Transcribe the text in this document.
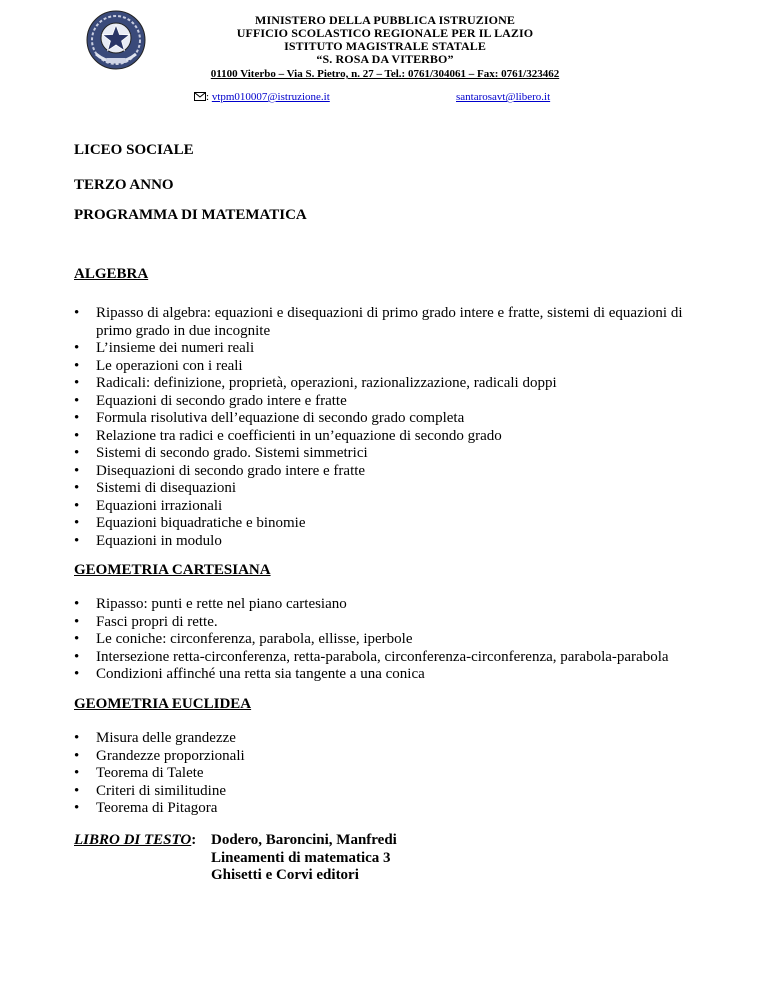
MINISTERO DELLA PUBBLICA ISTRUZIONE
UFFICIO SCOLASTICO REGIONALE PER IL LAZIO
ISTITUTO MAGISTRALE STATALE
“S. ROSA DA VITERBO”
01100 Viterbo – Via S. Pietro, n. 27 – Tel.: 0761/304061 – Fax: 0761/323462
: vtpm010007@istruzione.it	santarosavt@libero.it
LICEO SOCIALE
TERZO ANNO
PROGRAMMA DI MATEMATICA
ALGEBRA
• Ripasso di algebra: equazioni e disequazioni di primo grado intere e fratte, sistemi di equazioni di primo grado in due incognite
• L’insieme dei numeri reali
• Le operazioni con i reali
• Radicali: definizione, proprietà, operazioni, razionalizzazione, radicali doppi
• Equazioni di secondo grado intere e fratte
• Formula risolutiva dell’equazione di secondo grado completa
• Relazione tra radici e coefficienti in un’equazione di secondo grado
• Sistemi di secondo grado. Sistemi simmetrici
• Disequazioni di secondo grado intere e fratte
• Sistemi di disequazioni
• Equazioni irrazionali
• Equazioni biquadratiche e binomie
• Equazioni in modulo
GEOMETRIA CARTESIANA
• Ripasso: punti e rette nel piano cartesiano
• Fasci propri di rette.
• Le coniche: circonferenza, parabola, ellisse, iperbole
• Intersezione retta-circonferenza, retta-parabola, circonferenza-circonferenza, parabola-parabola
• Condizioni affinché una retta sia tangente a una conica
GEOMETRIA EUCLIDEA
• Misura delle grandezze
• Grandezze proporzionali
• Teorema di Talete
• Criteri di similitudine
• Teorema di Pitagora
LIBRO DI TESTO: Dodero, Baroncini, Manfredi
Lineamenti di matematica 3
Ghisetti e Corvi editori
